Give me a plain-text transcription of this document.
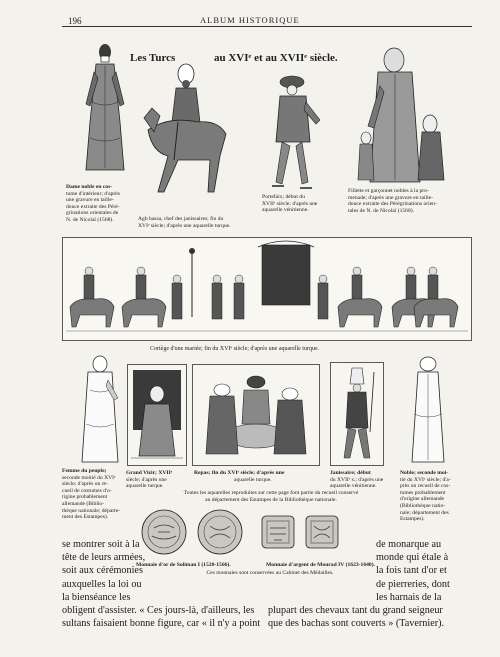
196	ALBUM HISTORIQUE
Les Turcs	au XVIᵉ et au XVIIᵉ siècle.
Dame noble en cos-
tume d'intérieur; d'après
une gravure en taille-
douce extraite des Pérè-
grinations orientales de
N. de Nicolaï (1568).	Agh bassa, chef des janissaires; fin du
XVIᵉ siècle; d'après une aquarelle turque.
Portefaix; début du
XVIIᵉ siècle; d'après une
aquarelle vénitienne.
Fillette et garçonnet nobles à la pro-
menade; d'après une gravure en taille-
douce extraite des Pérégrinations orien-
tales de N. de Nicolaï (1568).
Cortège d'une mariée; fin du XVIᵉ siècle; d'après une aquarelle turque.
Femme du peuple;
seconde moitié du XVIᵉ
siècle; d'après un re-
cueil de costumes d'o-
rigine probablement
allemande (Biblio-
thèque nationale; départe-
ment des Estampes).
Grand Vizir; XVIIᵉ
siècle; d'après une
aquarelle turque.
Repas; fin du XVIᵉ siècle; d'après une
aquarelle turque.
Janissaire; début
du XVIIᵉ s.; d'après une
aquarelle vénitienne.
Noble; seconde moi-
tié du XVIᵉ siècle; d'a-
près un recueil de cos-
tumes probablement
d'origine allemande
(Bibliothèque natio-
nale; département des
Estampes).
Toutes les aquarelles reproduites sur cette page font partie du recueil conservé
au département des Estampes de la Bibliothèque nationale.
Monnaie d'or de Soliman I (1520-1566).	Monnaie d'argent de Mourad IV (1623-1640).
Ces monnaies sont conservées au Cabinet des Médailles.
se montrer soit à la
tête de leurs armées,
soit aux cérémonies
auxquelles la loi ou
la bienséance les
obligent d'assister. « Ces jours-là, d'ailleurs, les
sultans faisaient bonne figure, car « il n'y a point
de monarque au
monde qui étale à
la fois tant d'or et
de pierreries, dont
les harnais de la
plupart des chevaux tant du grand seigneur
que des bachas sont couverts » (Tavernier).
